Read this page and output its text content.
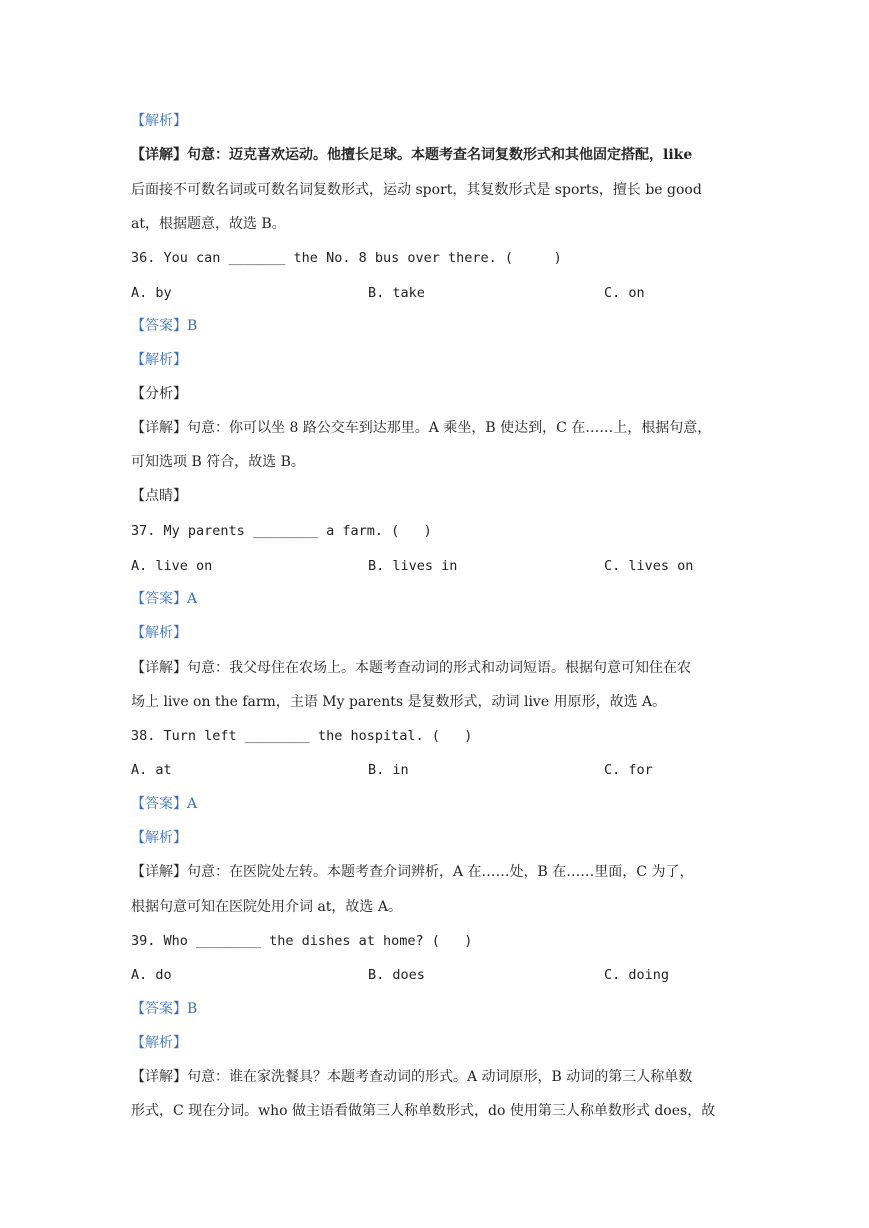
【解析】
【详解】句意：迈克喜欢运动。他擅长足球。本题考查名词复数形式和其他固定搭配，like
后面接不可数名词或可数名词复数形式，运动 sport，其复数形式是 sports，擅长 be good
at，根据题意，故选 B。
36. You can _______ the No. 8 bus over there. (     )
A. by	B. take	C. on
【答案】B
【解析】
【分析】
【详解】句意：你可以坐 8 路公交车到达那里。A 乘坐，B 使达到，C 在……上，根据句意，
可知选项 B 符合，故选 B。
【点睛】
37. My parents ________ a farm. (   )
A. live on	B. lives in	C. lives on
【答案】A
【解析】
【详解】句意：我父母住在农场上。本题考查动词的形式和动词短语。根据句意可知住在农
场上 live on the farm，主语 My parents 是复数形式，动词 live 用原形，故选 A。
38. Turn left ________ the hospital. (   )
A. at	B. in	C. for
【答案】A
【解析】
【详解】句意：在医院处左转。本题考查介词辨析，A 在……处，B 在……里面，C 为了，
根据句意可知在医院处用介词 at，故选 A。
39. Who ________ the dishes at home? (   )
A. do	B. does	C. doing
【答案】B
【解析】
【详解】句意：谁在家洗餐具？本题考查动词的形式。A 动词原形，B 动词的第三人称单数
形式，C 现在分词。who 做主语看做第三人称单数形式，do 使用第三人称单数形式 does，故
